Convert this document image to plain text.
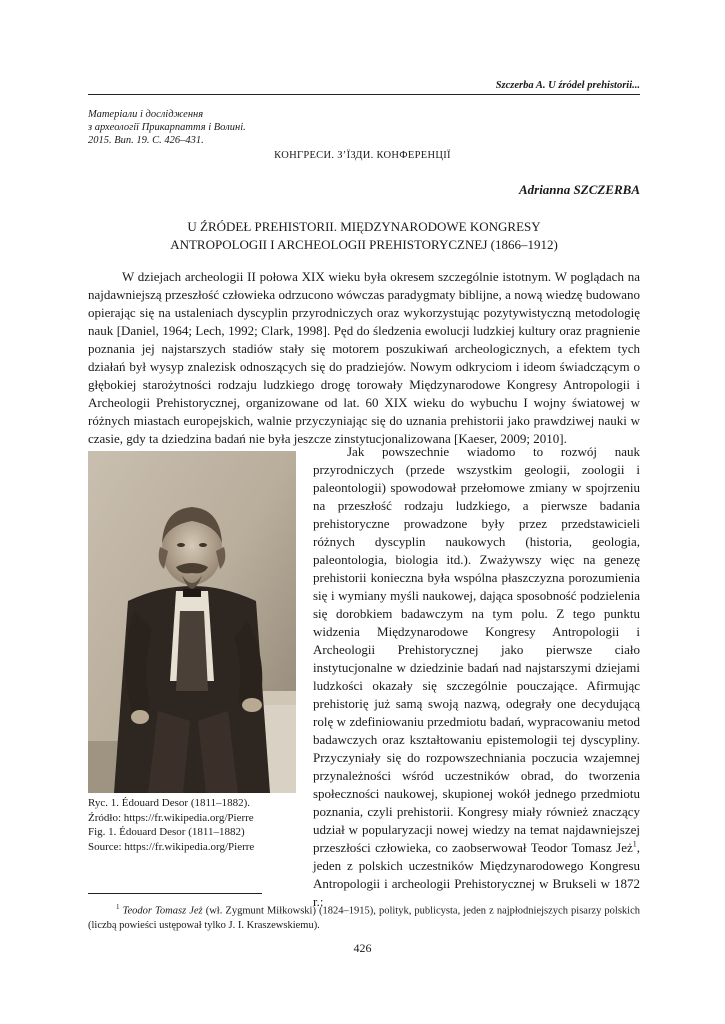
Szczerba A. U źródeł prehistorii...
Матеріали і дослідження
з археології Прикарпаття і Волині.
2015. Вип. 19. С. 426–431.
КОНГРЕСИ. З’ЇЗДИ. КОНФЕРЕНЦІЇ
Adrianna SZCZERBA
U ŹRÓDEŁ PREHISTORII. MIĘDZYNARODOWE KONGRESY
ANTROPOLOGII I ARCHEOLOGII PREHISTORYCZNEJ (1866–1912)

W dziejach archeologii II połowa XIX wieku była okresem szczególnie istotnym. W poglądach na najdawniejszą przeszłość człowieka odrzucono wówczas paradygmaty biblijne, a nową wiedzę budowano opierając się na ustaleniach dyscyplin przyrodniczych oraz wykorzystując pozytywistyczną metodologię nauk [Daniel, 1964; Lech, 1992; Clark, 1998]. Pęd do śledzenia ewolucji ludzkiej kultury oraz pragnienie poznania jej najstarszych stadiów stały się motorem poszukiwań archeologicznych, a efektem tych działań był wysyp znalezisk odnoszących się do pradziejów. Nowym odkryciom i ideom świadczącym o głębokiej starożytności rodzaju ludzkiego drogę torowały Międzynarodowe Kongresy Antropologii i Archeologii Prehistorycznej, organizowane od lat. 60 XIX wieku do wybuchu I wojny światowej w różnych miastach europejskich, walnie przyczyniając się do uznania prehistorii jako prawdziwej nauki w czasie, gdy ta dziedzina badań nie była jeszcze zinstytucjonalizowana [Kaeser, 2009; 2010].

Ryc. 1. Édouard Desor (1811–1882).
Źródło: https://fr.wikipedia.org/Pierre
Fig. 1. Édouard Desor (1811–1882)
Source: https://fr.wikipedia.org/Pierre

Jak powszechnie wiadomo to rozwój nauk przyrodniczych (przede wszystkim geologii, zoologii i paleontologii) spowodował przełomowe zmiany w spojrzeniu na przeszłość rodzaju ludzkiego, a pierwsze badania prehistoryczne prowadzone były przez przedstawicieli różnych dyscyplin naukowych (historia, geologia, paleontologia, biologia itd.). Zważywszy więc na genezę prehistorii konieczna była wspólna płaszczyzna porozumienia się i wymiany myśli naukowej, dająca sposobność podzielenia się dorobkiem badawczym na tym polu. Z tego punktu widzenia Międzynarodowe Kongresy Antropologii i Archeologii Prehistorycznej jako pierwsze ciało instytucjonalne w dziedzinie badań nad najstarszymi dziejami ludzkości okazały się szczególnie pouczające. Afirmując prehistorię już samą swoją nazwą, odegrały one decydującą rolę w zdefiniowaniu przedmiotu badań, wypracowaniu metod badawczych oraz kształtowaniu epistemologii tej dyscypliny. Przyczyniały się do rozpowszechniania poczucia wzajemnej przynależności wśród uczestników obrad, do tworzenia społeczności naukowej, skupionej wokół jednego przedmiotu poznania, czyli prehistorii. Kongresy miały również znaczący udział w popularyzacji nowej wiedzy na temat najdawniejszej przeszłości człowieka, co zaobserwował Teodor Tomasz Jeż$^1$, jeden z polskich uczestników Międzynarodowego Kongresu Antropologii i archeologii Prehistorycznej w Brukseli w 1872 r.:

$^1$ Teodor Tomasz Jeż (wł. Zygmunt Miłkowski) (1824–1915), polityk, publicysta, jeden z najpłodniejszych pisarzy polskich (liczbą powieści ustępował tylko J. I. Kraszewskiemu).
426
